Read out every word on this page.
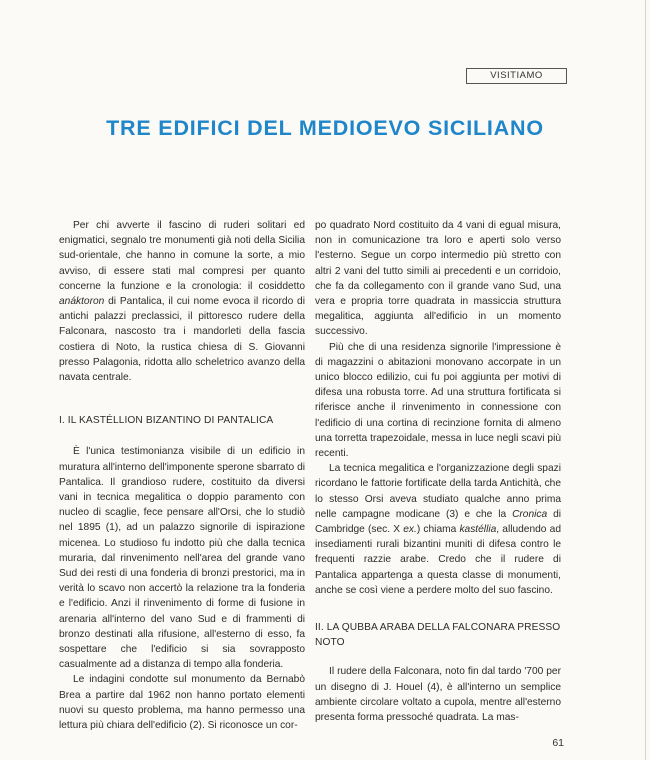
VISITIAMO
TRE EDIFICI DEL MEDIOEVO SICILIANO

Per chi avverte il fascino di ruderi solitari ed enigmatici, segnalo tre monumenti già noti della Sicilia sud-orientale, che hanno in comune la sorte, a mio avviso, di essere stati mal compresi per quanto concerne la funzione e la cronologia: il cosiddetto anáktoron di Pantalica, il cui nome evoca il ricordo di antichi palazzi preclassici, il pittoresco rudere della Falconara, nascosto tra i mandorleti della fascia costiera di Noto, la rustica chiesa di S. Giovanni presso Palagonia, ridotta allo scheletrico avanzo della navata centrale.

I. IL KASTÉLLION BIZANTINO DI PANTALICA

È l'unica testimonianza visibile di un edificio in muratura all'interno dell'imponente sperone sbarrato di Pantalica. Il grandioso rudere, costituito da diversi vani in tecnica megalitica o doppio paramento con nucleo di scaglie, fece pensare all'Orsi, che lo studiò nel 1895 (1), ad un palazzo signorile di ispirazione micenea. Lo studioso fu indotto più che dalla tecnica muraria, dal rinvenimento nell'area del grande vano Sud dei resti di una fonderia di bronzi prestorici, ma in verità lo scavo non accertò la relazione tra la fonderia e l'edificio. Anzi il rinvenimento di forme di fusione in arenaria all'interno del vano Sud e di frammenti di bronzo destinati alla rifusione, all'esterno di esso, fa sospettare che l'edificio si sia sovrapposto casualmente ad a distanza di tempo alla fonderia.

Le indagini condotte sul monumento da Bernabò Brea a partire dal 1962 non hanno portato elementi nuovi su questo problema, ma hanno permesso una lettura più chiara dell'edificio (2). Si riconosce un cor-

po quadrato Nord costituito da 4 vani di egual misura, non in comunicazione tra loro e aperti solo verso l'esterno. Segue un corpo intermedio più stretto con altri 2 vani del tutto simili ai precedenti e un corridoio, che fa da collegamento con il grande vano Sud, una vera e propria torre quadrata in massiccia struttura megalitica, aggiunta all'edificio in un momento successivo.

Più che di una residenza signorile l'impressione è di magazzini o abitazioni monovano accorpate in un unico blocco edilizio, cui fu poi aggiunta per motivi di difesa una robusta torre. Ad una struttura fortificata si riferisce anche il rinvenimento in connessione con l'edificio di una cortina di recinzione fornita di almeno una torretta trapezoidale, messa in luce negli scavi più recenti.

La tecnica megalitica e l'organizzazione degli spazi ricordano le fattorie fortificate della tarda Antichità, che lo stesso Orsi aveva studiato qualche anno prima nelle campagne modicane (3) e che la Cronica di Cambridge (sec. X ex.) chiama kastéllia, alludendo ad insediamenti rurali bizantini muniti di difesa contro le frequenti razzie arabe. Credo che il rudere di Pantalica appartenga a questa classe di monumenti, anche se così viene a perdere molto del suo fascino.

II. LA QUBBA ARABA DELLA FALCONARA PRESSO NOTO

Il rudere della Falconara, noto fin dal tardo '700 per un disegno di J. Houel (4), è all'interno un semplice ambiente circolare voltato a cupola, mentre all'esterno presenta forma pressoché quadrata. La mas-

61
